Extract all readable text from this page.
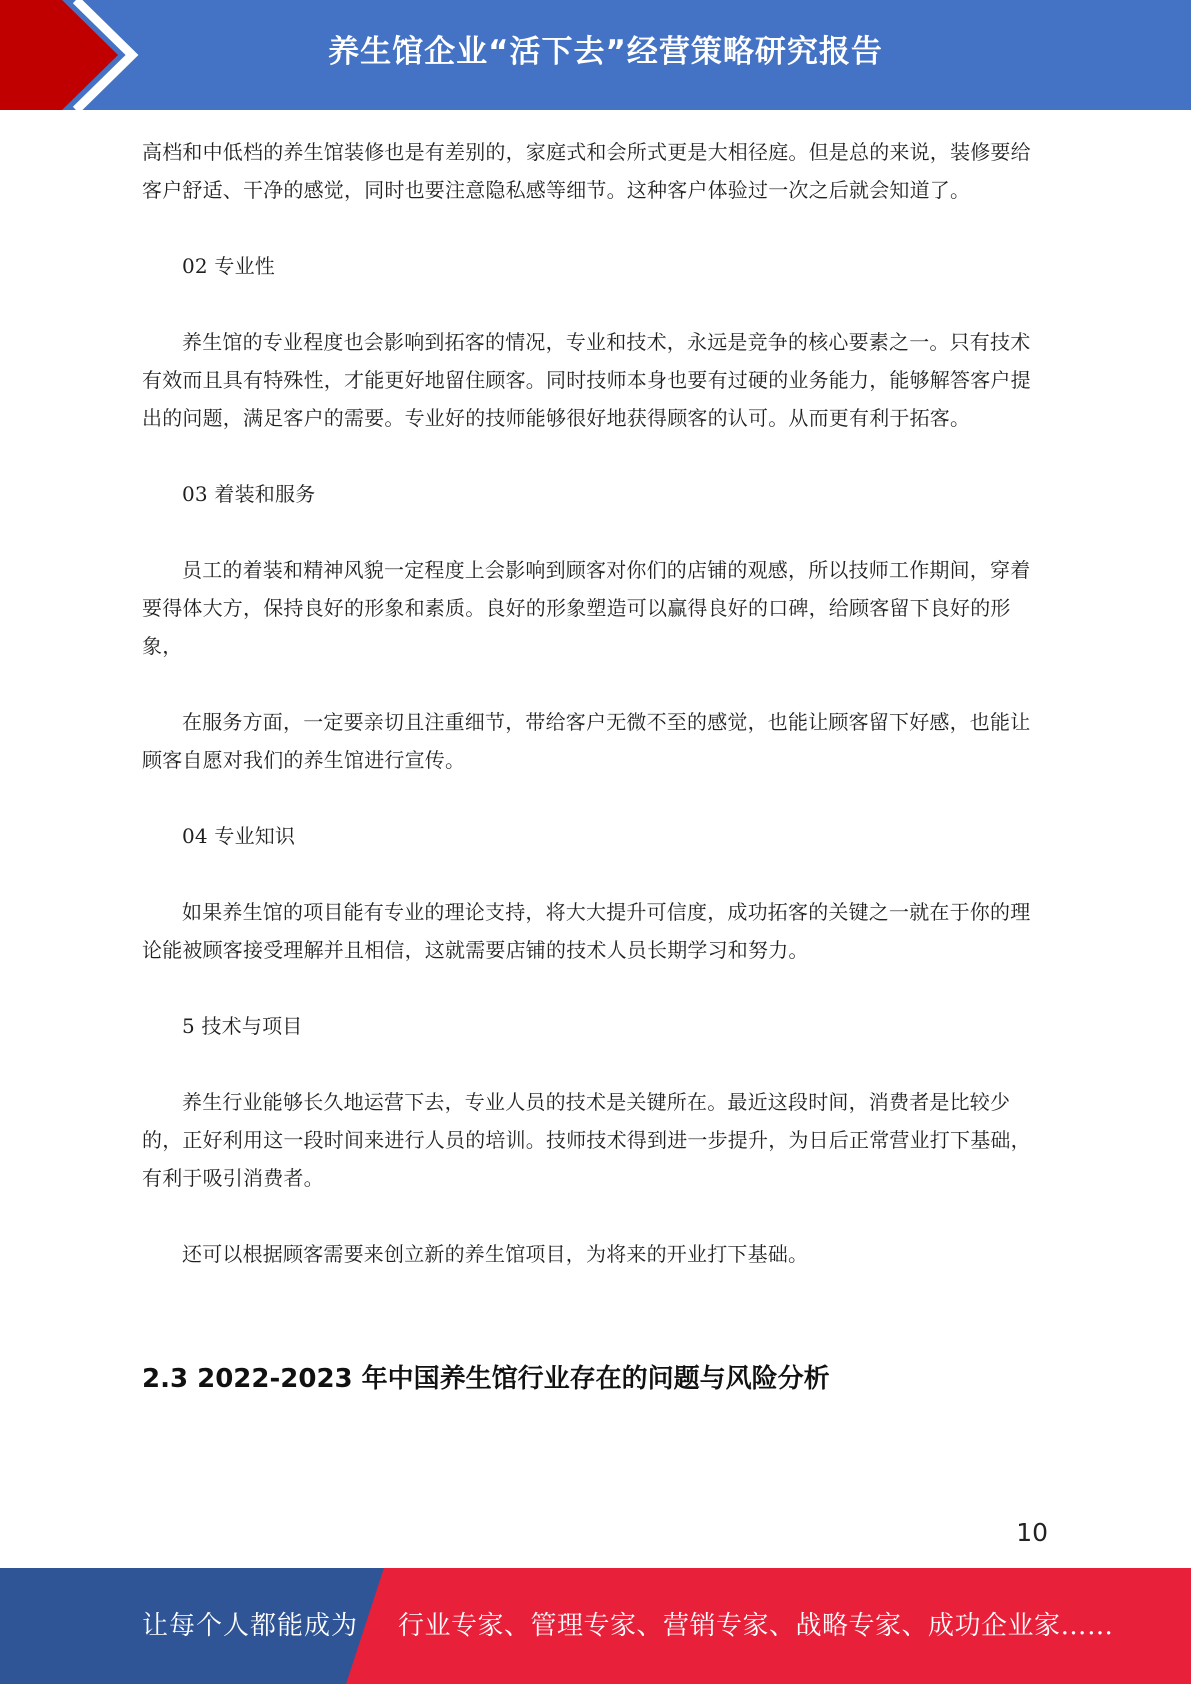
养生馆企业“活下去”经营策略研究报告

高档和中低档的养生馆装修也是有差别的，家庭式和会所式更是大相径庭。但是总的来说，装修要给客户舒适、干净的感觉，同时也要注意隐私感等细节。这种客户体验过一次之后就会知道了。

02 专业性

养生馆的专业程度也会影响到拓客的情况，专业和技术，永远是竞争的核心要素之一。只有技术有效而且具有特殊性，才能更好地留住顾客。同时技师本身也要有过硬的业务能力，能够解答客户提出的问题，满足客户的需要。专业好的技师能够很好地获得顾客的认可。从而更有利于拓客。

03 着装和服务

员工的着装和精神风貌一定程度上会影响到顾客对你们的店铺的观感，所以技师工作期间，穿着要得体大方，保持良好的形象和素质。良好的形象塑造可以赢得良好的口碑，给顾客留下良好的形象，

在服务方面，一定要亲切且注重细节，带给客户无微不至的感觉，也能让顾客留下好感，也能让顾客自愿对我们的养生馆进行宣传。

04 专业知识

如果养生馆的项目能有专业的理论支持，将大大提升可信度，成功拓客的关键之一就在于你的理论能被顾客接受理解并且相信，这就需要店铺的技术人员长期学习和努力。

5 技术与项目

养生行业能够长久地运营下去，专业人员的技术是关键所在。最近这段时间，消费者是比较少的，正好利用这一段时间来进行人员的培训。技师技术得到进一步提升，为日后正常营业打下基础，有利于吸引消费者。

还可以根据顾客需要来创立新的养生馆项目，为将来的开业打下基础。

2.3 2022-2023 年中国养生馆行业存在的问题与风险分析
10
让每个人都能成为 行业专家、管理专家、营销专家、战略专家、成功企业家……
